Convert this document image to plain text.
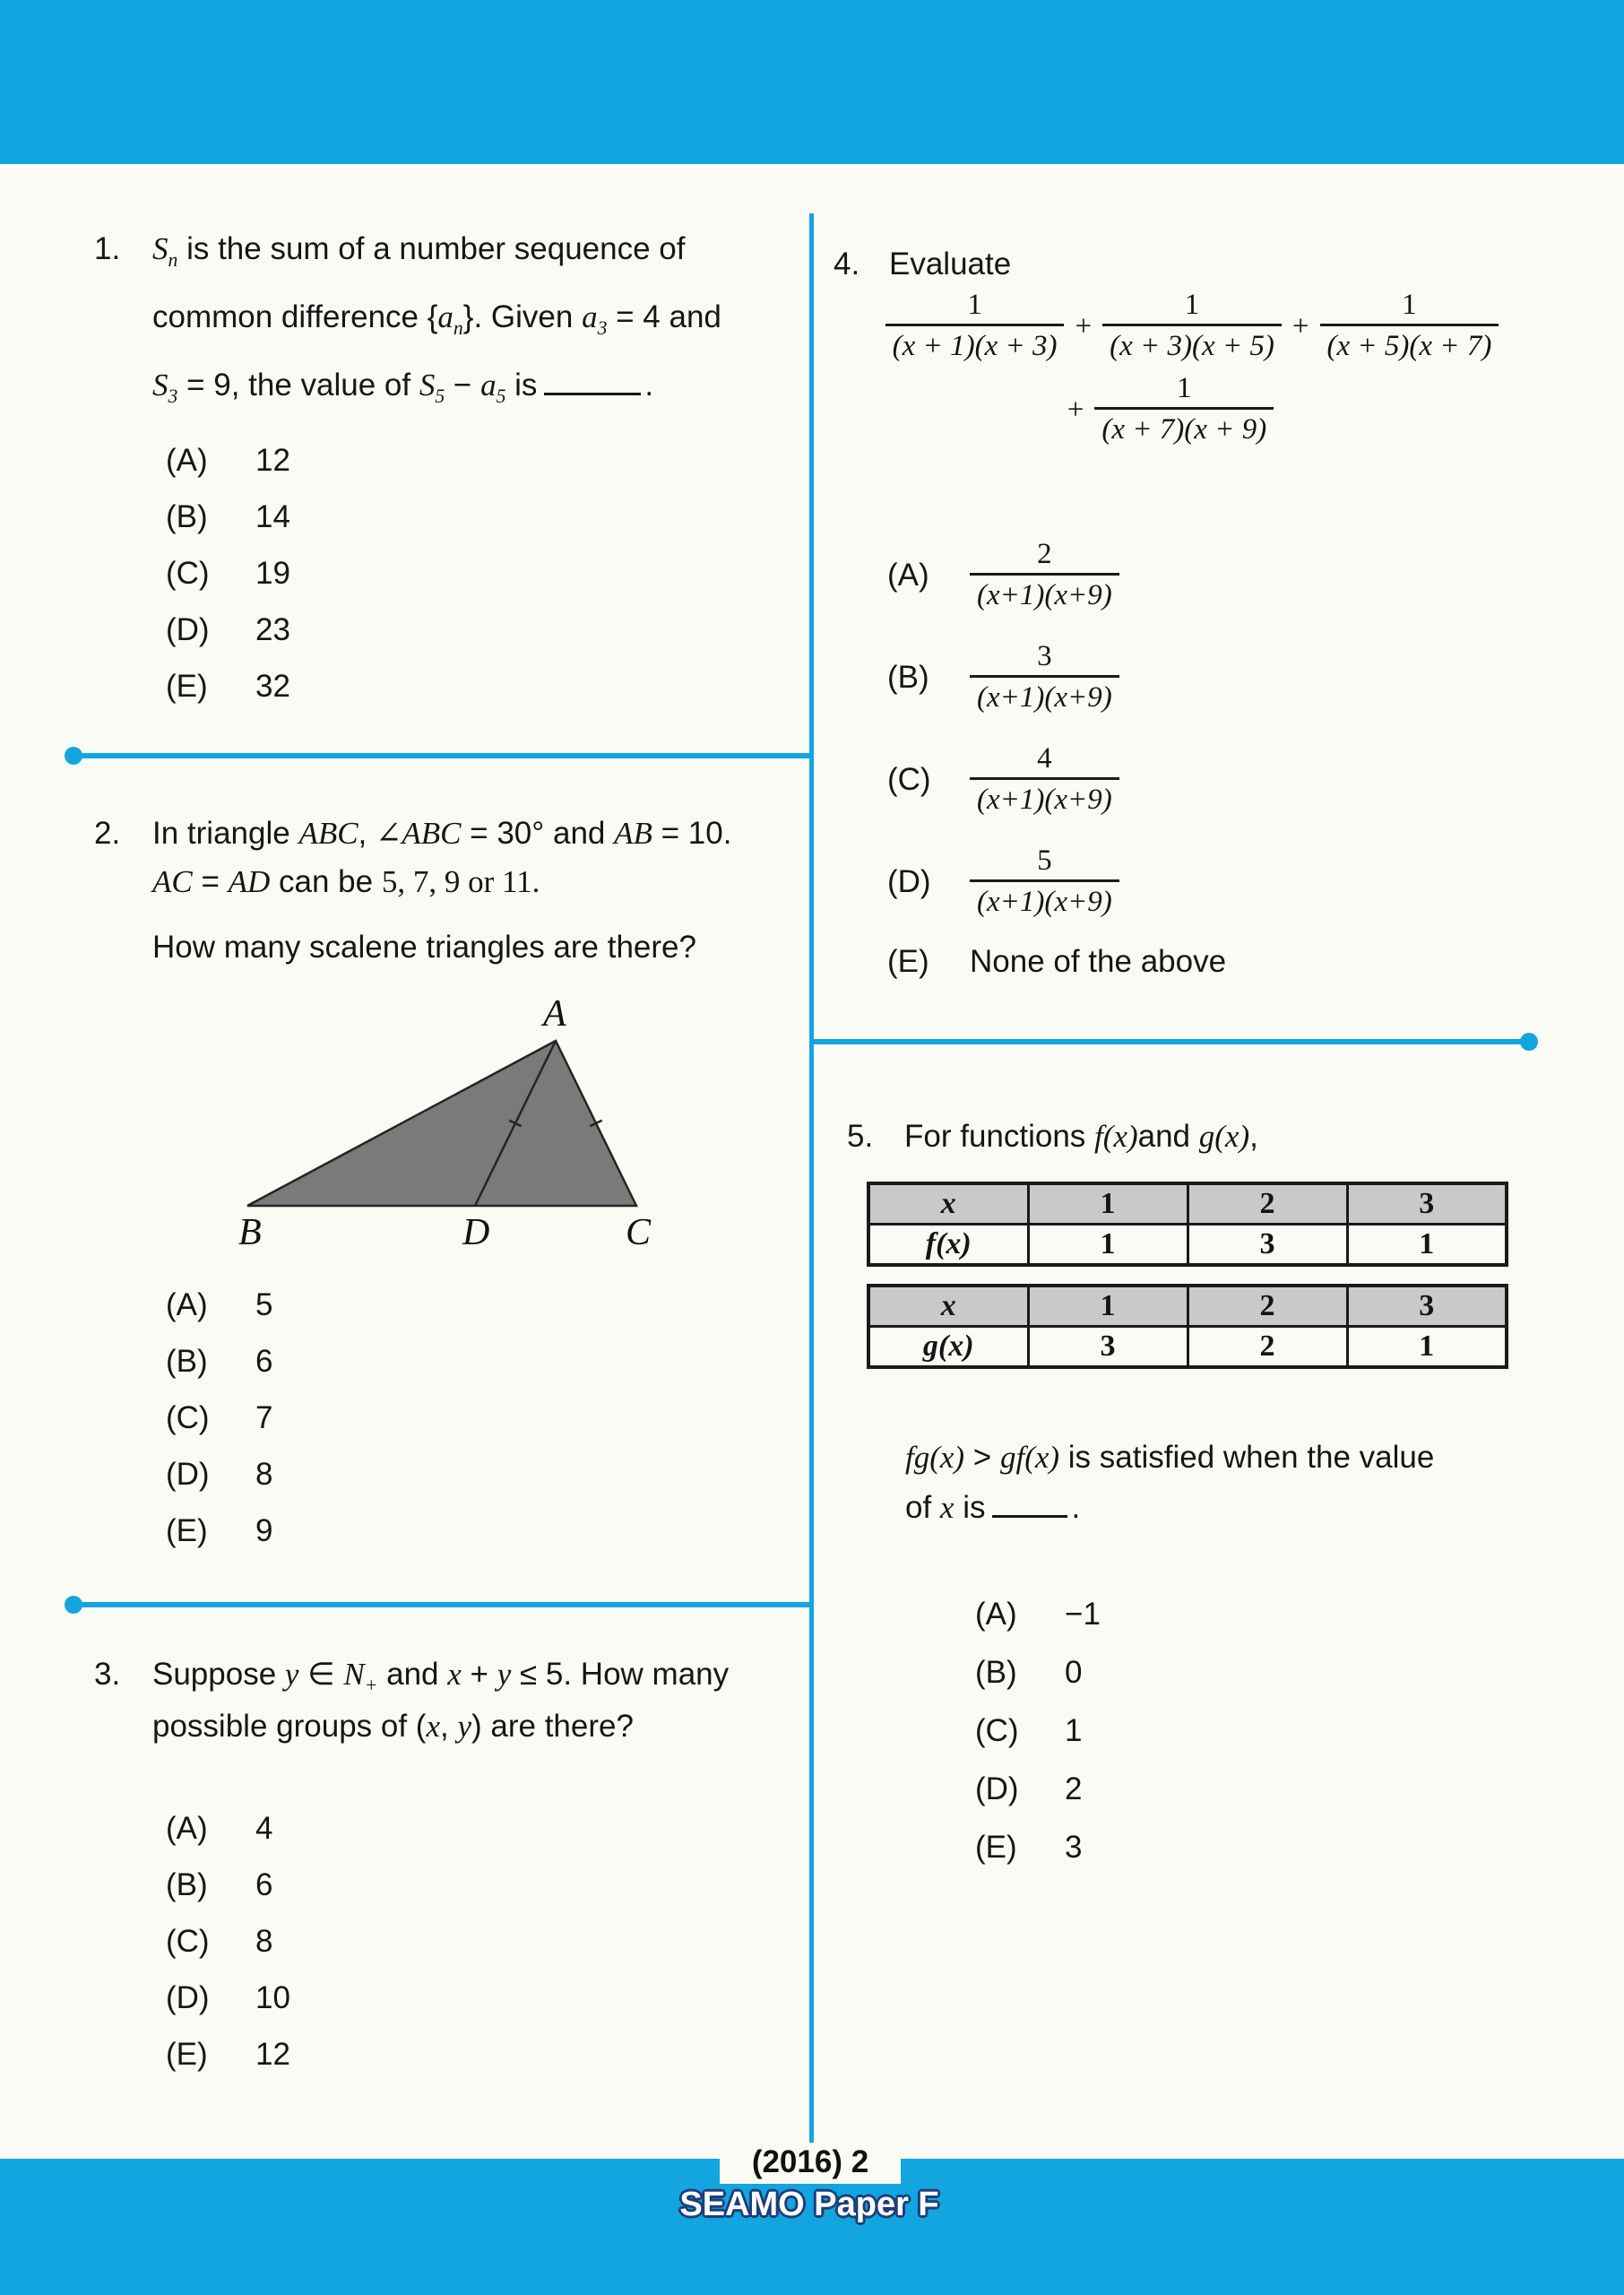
1. $S_n$ is the sum of a number sequence of
common difference $\{a_n\}$. Given $a_3 = 4$ and
$S_3 = 9$, the value of $S_5 - a_5$ is	.
(A) 12
(B) 14
(C) 19
(D) 23
(E) 32
2. In triangle ABC, ∠ABC = 30° and AB = 10.
AC = AD can be 5, 7, 9 or 11.
How many scalene triangles are there?
A
B	D	C
(A) 5
(B) 6
(C) 7
(D) 8
(E) 9
3. Suppose y ∈ $N_+$ and x + y ≤ 5. How many
possible groups of (x, y) are there?
(A) 4
(B) 6
(C) 8
(D) 10
(E) 12
4. Evaluate
$\frac{1}{(x + 1)(x + 3)} + \frac{1}{(x + 3)(x + 5)} + \frac{1}{(x + 5)(x + 7)}$
+ $\frac{1}{(x + 7)(x + 9)}$
(A)	$\frac{2}{(x+1)(x+9)}$
(B)	$\frac{3}{(x+1)(x+9)}$
(C)	$\frac{4}{(x+1)(x+9)}$
(D)	$\frac{5}{(x+1)(x+9)}$
(E)	None of the above
5. For functions f(x)and g(x),
x	1	2	3
f(x)	1	3	1
x	1	2	3
g(x)	3	2	1
fg(x) > gf(x) is satisfied when the value
of x is	.
(A) −1
(B) 0
(C) 1
(D) 2
(E) 3
(2016) 2
SEAMO Paper F
